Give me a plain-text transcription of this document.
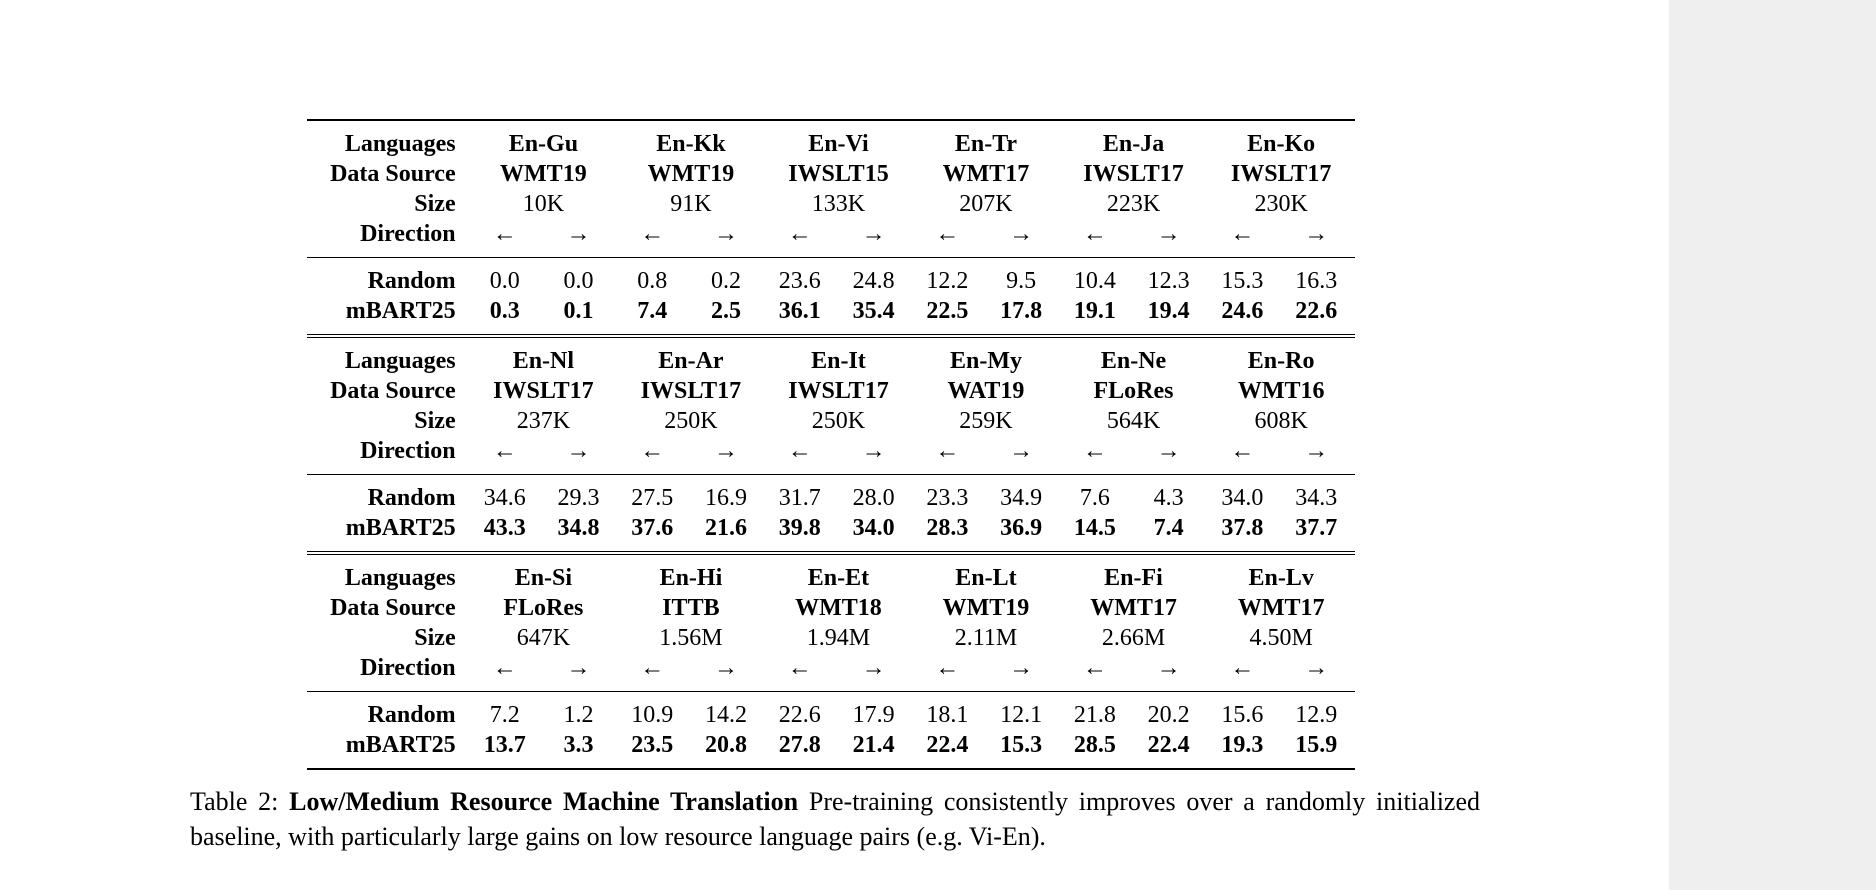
Languages	En-Gu		En-Kk		En-Vi		En-Tr		En-Ja		En-Ko	
Data Source	WMT19		WMT19		IWSLT15		WMT17		IWSLT17		IWSLT17	
Size	10K		91K		133K		207K		223K		230K	
Direction	←	→	←	→	←	→	←	→	←	→	←	→
Random	0.0	0.0	0.8	0.2	23.6	24.8	12.2	9.5	10.4	12.3	15.3	16.3
mBART25	0.3	0.1	7.4	2.5	36.1	35.4	22.5	17.8	19.1	19.4	24.6	22.6
Languages	En-Nl		En-Ar		En-It		En-My		En-Ne		En-Ro	
Data Source	IWSLT17		IWSLT17		IWSLT17		WAT19		FLoRes		WMT16	
Size	237K		250K		250K		259K		564K		608K	
Direction	←	→	←	→	←	→	←	→	←	→	←	→
Random	34.6	29.3	27.5	16.9	31.7	28.0	23.3	34.9	7.6	4.3	34.0	34.3
mBART25	43.3	34.8	37.6	21.6	39.8	34.0	28.3	36.9	14.5	7.4	37.8	37.7
Languages	En-Si		En-Hi		En-Et		En-Lt		En-Fi		En-Lv	
Data Source	FLoRes		ITTB		WMT18		WMT19		WMT17		WMT17	
Size	647K		1.56M		1.94M		2.11M		2.66M		4.50M	
Direction	←	→	←	→	←	→	←	→	←	→	←	→
Random	7.2	1.2	10.9	14.2	22.6	17.9	18.1	12.1	21.8	20.2	15.6	12.9
mBART25	13.7	3.3	23.5	20.8	27.8	21.4	22.4	15.3	28.5	22.4	19.3	15.9
Table 2: Low/Medium Resource Machine Translation Pre-training consistently improves over a randomly initialized baseline, with particularly large gains on low resource language pairs (e.g. Vi-En).
